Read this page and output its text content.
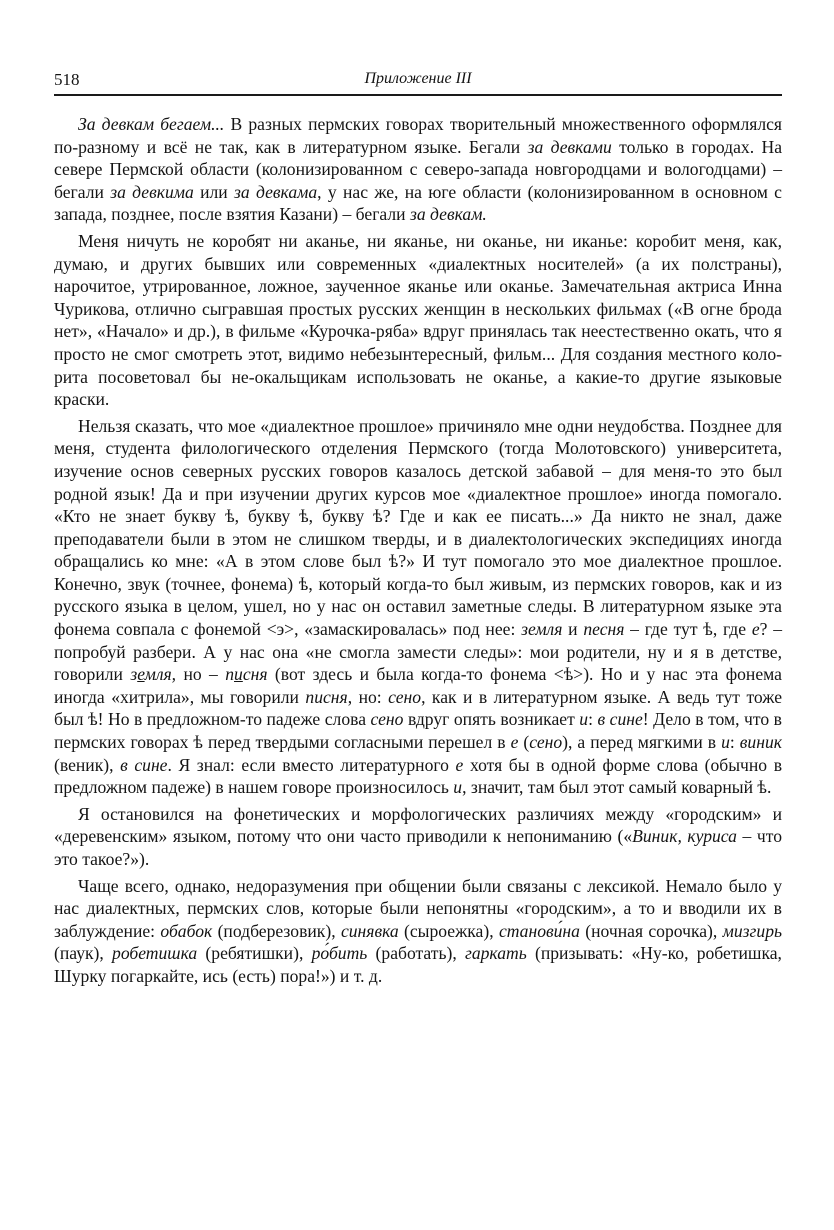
518	Приложение III

За девкам бегаем... В разных пермских говорах творительный множественного оформлялся по-разному и всё не так, как в литературном языке. Бегали за девками только в городах. На севере Пермской области (колонизированном с северо-запада новгородцами и вологодцами) – бегали за девкима или за девкама, у нас же, на юге области (колонизированном в основном с запада, позднее, после взятия Казани) – бегали за девкам.

Меня ничуть не коробят ни аканье, ни яканье, ни оканье, ни иканье: коробит меня, как, думаю, и других бывших или современных «диалектных носителей» (а их полстраны), нарочитое, утрированное, ложное, заученное яканье или оканье. Замечательная актриса Инна Чурикова, отлично сыгравшая простых русских женщин в нескольких фильмах («В огне брода нет», «Начало» и др.), в фильме «Курочка-ряба» вдруг принялась так неестественно окать, что я просто не смог смотреть этот, видимо небезынтересный, фильм... Для создания местного колорита посоветовал бы не-окальщикам использовать не оканье, а какие-то другие языковые краски.

Нельзя сказать, что мое «диалектное прошлое» причиняло мне одни неудобства. Позднее для меня, студента филологического отделения Пермского (тогда Молотовского) университета, изучение основ северных русских говоров казалось детской забавой – для меня-то это был родной язык! Да и при изучении других курсов мое «диалектное прошлое» иногда помогало. «Кто не знает букву ѣ, букву ѣ, букву ѣ? Где и как ее писать...» Да никто не знал, даже преподаватели были в этом не слишком тверды, и в диалектологических экспедициях иногда обращались ко мне: «А в этом слове был ѣ?» И тут помогало это мое диалектное прошлое. Конечно, звук (точнее, фонема) ѣ, который когда-то был живым, из пермских говоров, как и из русского языка в целом, ушел, но у нас он оставил заметные следы. В литературном языке эта фонема совпала с фонемой <э>, «замаскировалась» под нее: земля и песня – где тут ѣ, где е? – попробуй разбери. А у нас она «не смогла замести следы»: мои родители, ну и я в детстве, говорили земля, но – писня (вот здесь и была когда-то фонема <ѣ>). Но и у нас эта фонема иногда «хитрила», мы говорили писня, но: сено, как и в литературном языке. А ведь тут тоже был ѣ! Но в предложном-то падеже слова сено вдруг опять возникает и: в сине! Дело в том, что в пермских говорах ѣ перед твердыми согласными перешел в е (сено), а перед мягкими в и: виник (веник), в сине. Я знал: если вместо литературного е хотя бы в одной форме слова (обычно в предложном падеже) в нашем говоре произносилось и, значит, там был этот самый коварный ѣ.

Я остановился на фонетических и морфологических различиях между «городским» и «деревенским» языком, потому что они часто приводили к непониманию («Виник, куриса – что это такое?»).

Чаще всего, однако, недоразумения при общении были связаны с лексикой. Немало было у нас диалектных, пермских слов, которые были непонятны «городским», а то и вводили их в заблуждение: обабок (подберезовик), синявка (сыроежка), станови́на (ночная сорочка), мизгирь (паук), робетишка (ребятишки), ро́бить (работать), гаркать (призывать: «Ну-ко, робетишка, Шурку погаркайте, ись (есть) пора!») и т. д.
